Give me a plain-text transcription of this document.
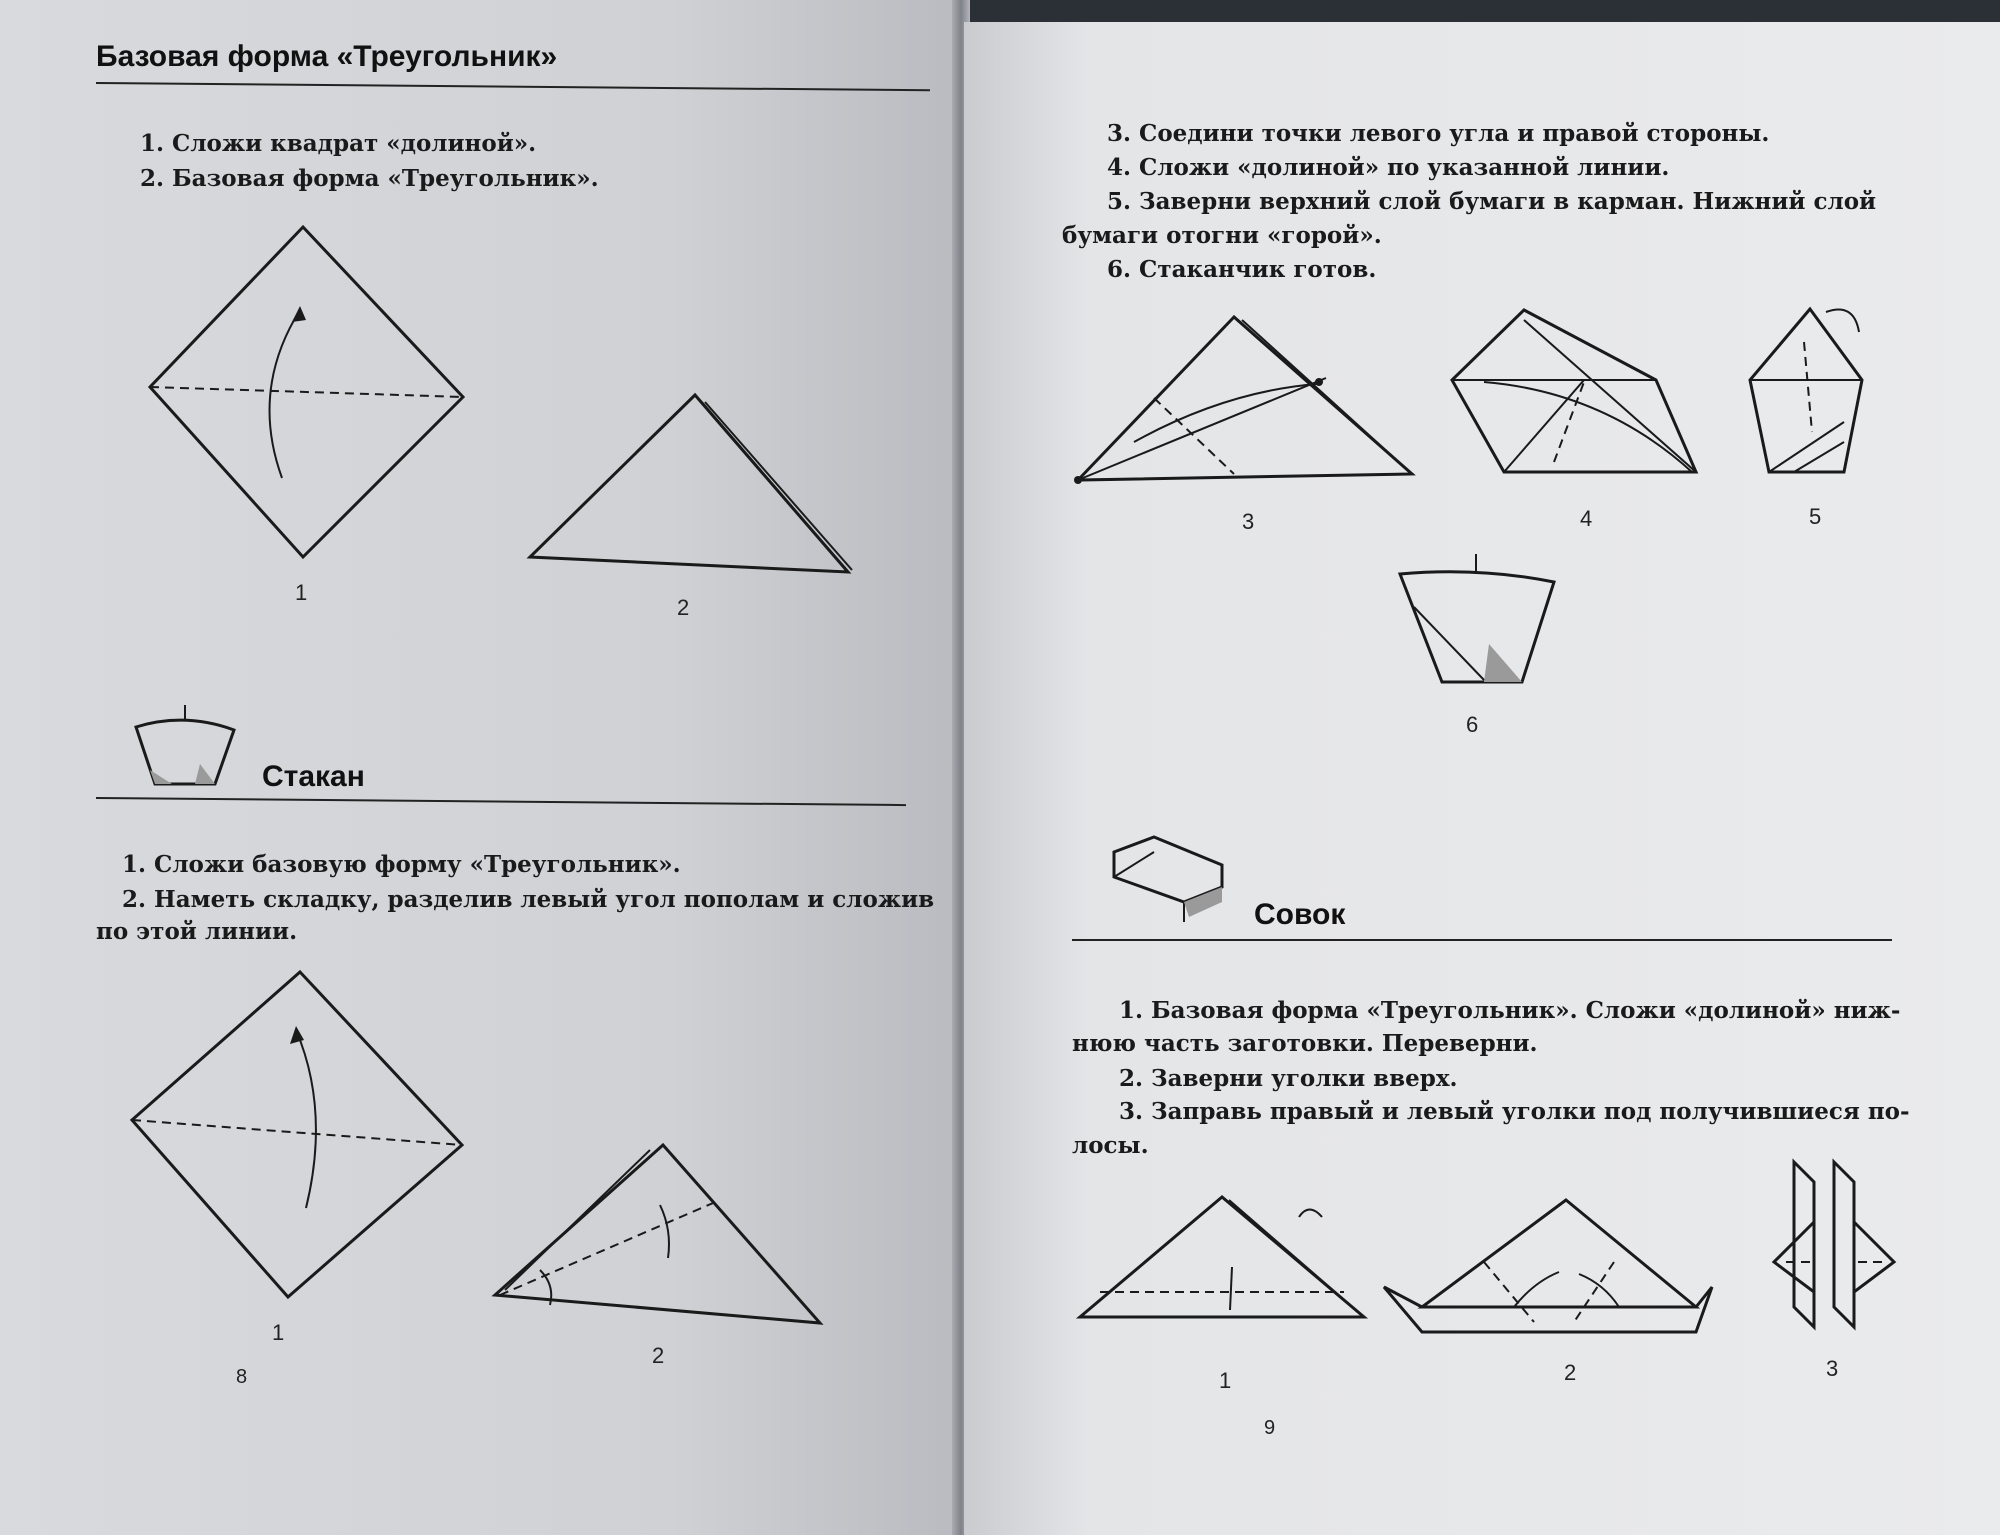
Базовая форма «Треугольник»
1. Сложи квадрат «долиной».
2. Базовая форма «Треугольник».
1
2
Стакан
1. Сложи базовую форму «Треугольник».
2. Наметь складку, разделив левый угол пополам и сложив
по этой линии.
1
2
8
3. Соедини точки левого угла и правой стороны.
4. Сложи «долиной» по указанной линии.
5. Заверни верхний слой бумаги в карман. Нижний слой
бумаги отогни «горой».
6. Стаканчик готов.
3	4	5
6
Совок
1. Базовая форма «Треугольник». Сложи «долиной» ниж-
нюю часть заготовки. Переверни.
2. Заверни уголки вверх.
3. Заправь правый и левый уголки под получившиеся по-
лосы.
1	2	3
9
